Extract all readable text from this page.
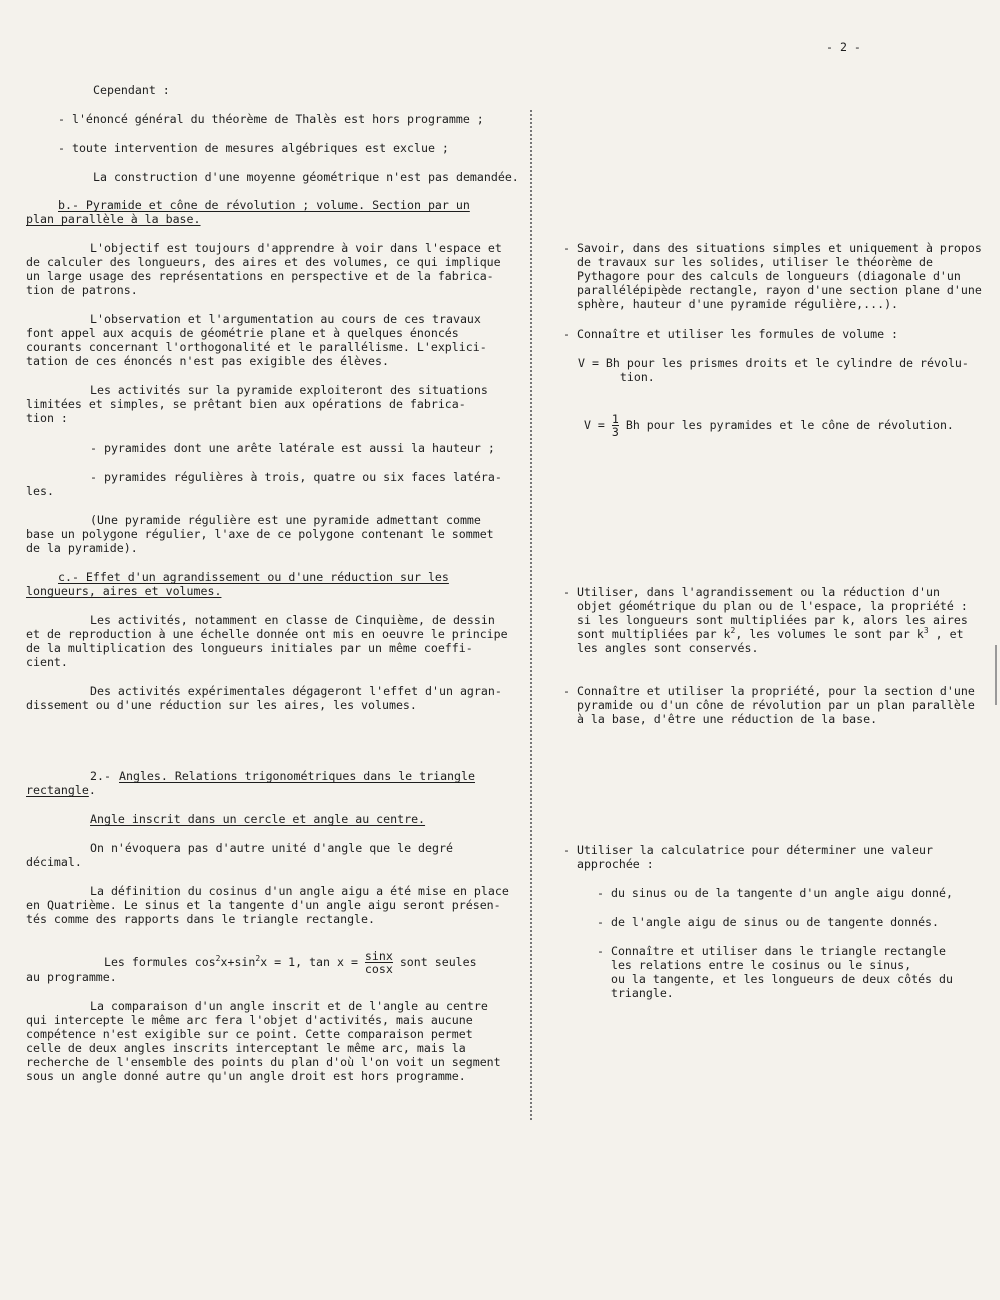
- 2 -
Cependant :
- l'énoncé général du théorème de Thalès est hors programme ;
- toute intervention de mesures algébriques est exclue ;
La construction d'une moyenne géométrique n'est pas demandée.
b.- Pyramide et cône de révolution ; volume. Section par un
plan parallèle à la base.
L'objectif est toujours d'apprendre à voir dans l'espace et
de calculer des longueurs, des aires et des volumes, ce qui implique
un large usage des représentations en perspective et de la fabrica-
tion de patrons.
L'observation et l'argumentation au cours de ces travaux
font appel aux acquis de géométrie plane et à quelques énoncés
courants concernant l'orthogonalité et le parallélisme. L'explici-
tation de ces énoncés n'est pas exigible des élèves.
Les activités sur la pyramide exploiteront des situations
limitées et simples, se prêtant bien aux opérations de fabrica-
tion :
- pyramides dont une arête latérale est aussi la hauteur ;
- pyramides régulières à trois, quatre ou six faces latéra-
les.
(Une pyramide régulière est une pyramide admettant comme
base un polygone régulier, l'axe de ce polygone contenant le sommet
de la pyramide).
c.- Effet d'un agrandissement ou d'une réduction sur les
longueurs, aires et volumes.
Les activités, notamment en classe de Cinquième, de dessin
et de reproduction à une échelle donnée ont mis en oeuvre le principe
de la multiplication des longueurs initiales par un même coeffi-
cient.
Des activités expérimentales dégageront l'effet d'un agran-
dissement ou d'une réduction sur les aires, les volumes.
2.- Angles. Relations trigonométriques dans le triangle
rectangle.
Angle inscrit dans un cercle et angle au centre.
On n'évoquera pas d'autre unité d'angle que le degré
décimal.
La définition du cosinus d'un angle aigu a été mise en place
en Quatrième. Le sinus et la tangente d'un angle aigu seront présen-
tés comme des rapports dans le triangle rectangle.

Les formules $\cos^2x+\sin^2x = 1$, $\tan x = \frac{\sin x}{\cos x}$ sont seules

au programme.
La comparaison d'un angle inscrit et de l'angle au centre
qui intercepte le même arc fera l'objet d'activités, mais aucune
compétence n'est exigible sur ce point. Cette comparaison permet
celle de deux angles inscrits interceptant le même arc, mais la
recherche de l'ensemble des points du plan d'où l'on voit un segment
sous un angle donné autre qu'un angle droit est hors programme.
- Savoir, dans des situations simples et uniquement à propos
de travaux sur les solides, utiliser le théorème de
Pythagore pour des calculs de longueurs (diagonale d'un
parallélépipède rectangle, rayon d'une section plane d'une
sphère, hauteur d'une pyramide régulière,...).
- Connaître et utiliser les formules de volume :
V = Bh pour les prismes droits et le cylindre de révolu-
tion.

$V = \frac{1}{3}$ Bh pour les pyramides et le cône de révolution.

- Utiliser, dans l'agrandissement ou la réduction d'un
objet géométrique du plan ou de l'espace, la propriété :
si les longueurs sont multipliées par k, alors les aires
sont multipliées par $k^2$, les volumes le sont par $k^3$ , et
les angles sont conservés.
- Connaître et utiliser la propriété, pour la section d'une
pyramide ou d'un cône de révolution par un plan parallèle
à la base, d'être une réduction de la base.
- Utiliser la calculatrice pour déterminer une valeur
approchée :
- du sinus ou de la tangente d'un angle aigu donné,
- de l'angle aigu de sinus ou de tangente donnés.
- Connaître et utiliser dans le triangle rectangle
les relations entre le cosinus ou le sinus,
ou la tangente, et les longueurs de deux côtés du
triangle.
